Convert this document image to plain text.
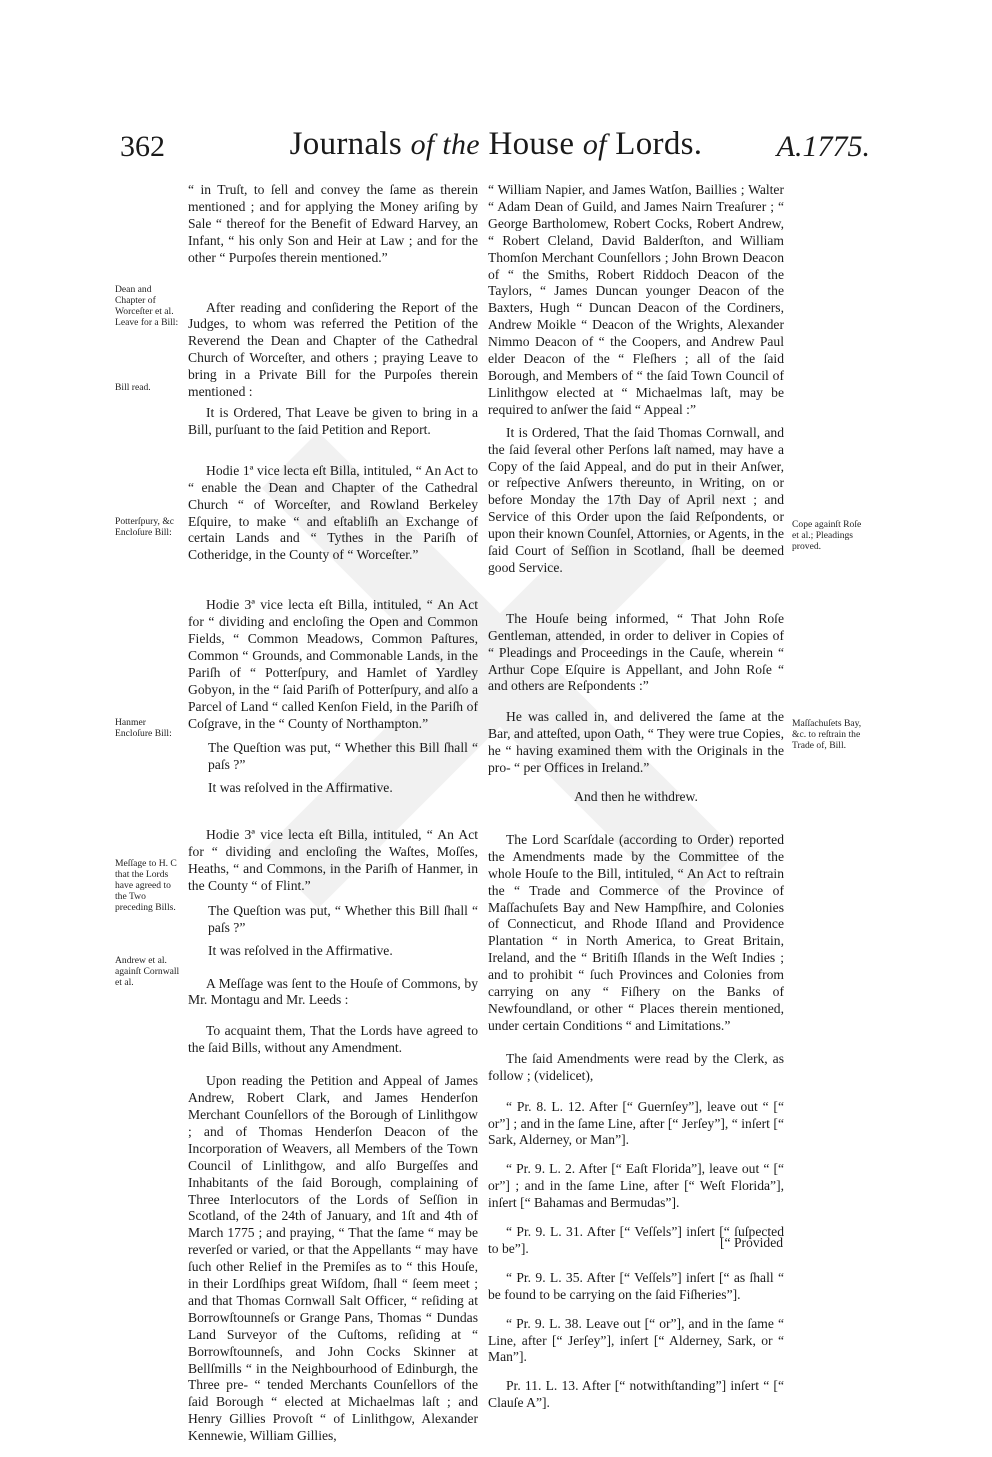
362	Journals of the House of Lords.	A.1775.

“ in Truſt, to ſell and convey the ſame as therein mentioned ; and for applying the Money ariſing by Sale “ thereof for the Benefit of Edward Harvey, an Infant, “ his only Son and Heir at Law ; and for the other “ Purpoſes therein mentioned.”

After reading and conſidering the Report of the Judges, to whom was referred the Petition of the Reverend the Dean and Chapter of the Cathedral Church of Worceſter, and others ; praying Leave to bring in a Private Bill for the Purpoſes therein mentioned :

It is Ordered, That Leave be given to bring in a Bill, purſuant to the ſaid Petition and Report.

Hodie 1ª vice lecta eſt Billa, intituled, “ An Act to “ enable the Dean and Chapter of the Cathedral Church “ of Worceſter, and Rowland Berkeley Eſquire, to make “ and eſtabliſh an Exchange of certain Lands and “ Tythes in the Pariſh of Cotheridge, in the County of “ Worceſter.”

Hodie 3ª vice lecta eſt Billa, intituled, “ An Act for “ dividing and encloſing the Open and Common Fields, “ Common Meadows, Common Paſtures, Common “ Grounds, and Commonable Lands, in the Pariſh of “ Potterſpury, and Hamlet of Yardley Gobyon, in the “ ſaid Pariſh of Potterſpury, and alſo a Parcel of Land “ called Kenſon Field, in the Pariſh of Coſgrave, in the “ County of Northampton.”

The Queſtion was put, “ Whether this Bill ſhall “ paſs ?”

It was reſolved in the Affirmative.

Hodie 3ª vice lecta eſt Billa, intituled, “ An Act for “ dividing and encloſing the Waſtes, Moſſes, Heaths, “ and Commons, in the Pariſh of Hanmer, in the County “ of Flint.”

The Queſtion was put, “ Whether this Bill ſhall “ paſs ?”

It was reſolved in the Affirmative.

A Meſſage was ſent to the Houſe of Commons, by Mr. Montagu and Mr. Leeds :

To acquaint them, That the Lords have agreed to the ſaid Bills, without any Amendment.

Upon reading the Petition and Appeal of James Andrew, Robert Clark, and James Henderſon Merchant Counſellors of the Borough of Linlithgow ; and of Thomas Henderſon Deacon of the Incorporation of Weavers, all Members of the Town Council of Linlithgow, and alſo Burgeſſes and Inhabitants of the ſaid Borough, complaining of Three Interlocutors of the Lords of Seſſion in Scotland, of the 24th of January, and 1ſt and 4th of March 1775 ; and praying, “ That the ſame “ may be reverſed or varied, or that the Appellants “ may have ſuch other Relief in the Premiſes as to “ this Houſe, in their Lordſhips great Wiſdom, ſhall “ ſeem meet ; and that Thomas Cornwall Salt Officer, “ reſiding at Borrowſtounneſs or Grange Pans, Thomas “ Dundas Land Surveyor of the Cuſtoms, reſiding at “ Borrowſtounneſs, and John Cocks Skinner at Bellſmills “ in the Neighbourhood of Edinburgh, the Three pre- “ tended Merchants Counſellors of the ſaid Borough “ elected at Michaelmas laſt ; and Henry Gillies Provoſt “ of Linlithgow, Alexander Kennewie, William Gillies,

“ William Napier, and James Watſon, Baillies ; Walter “ Adam Dean of Guild, and James Nairn Treaſurer ; “ George Bartholomew, Robert Cocks, Robert Andrew, “ Robert Cleland, David Balderſton, and William Thomſon Merchant Counſellors ; John Brown Deacon of “ the Smiths, Robert Riddoch Deacon of the Taylors, “ James Duncan younger Deacon of the Baxters, Hugh “ Duncan Deacon of the Cordiners, Andrew Moikle “ Deacon of the Wrights, Alexander Nimmo Deacon of “ the Coopers, and Andrew Paul elder Deacon of the “ Fleſhers ; all of the ſaid Borough, and Members of “ the ſaid Town Council of Linlithgow elected at “ Michaelmas laſt, may be required to anſwer the ſaid “ Appeal :”

It is Ordered, That the ſaid Thomas Cornwall, and the ſaid ſeveral other Perſons laſt named, may have a Copy of the ſaid Appeal, and do put in their Anſwer, or reſpective Anſwers thereunto, in Writing, on or before Monday the 17th Day of April next ; and Service of this Order upon the ſaid Reſpondents, or upon their known Counſel, Attornies, or Agents, in the ſaid Court of Seſſion in Scotland, ſhall be deemed good Service.

The Houſe being informed, “ That John Roſe Gentleman, attended, in order to deliver in Copies of “ Pleadings and Proceedings in the Cauſe, wherein “ Arthur Cope Eſquire is Appellant, and John Roſe “ and others are Reſpondents :”

He was called in, and delivered the ſame at the Bar, and atteſted, upon Oath, “ They were true Copies, he “ having examined them with the Originals in the pro- “ per Offices in Ireland.”

And then he withdrew.

The Lord Scarſdale (according to Order) reported the Amendments made by the Committee of the whole Houſe to the Bill, intituled, “ An Act to reſtrain the “ Trade and Commerce of the Province of Maſſachuſets Bay and New Hampſhire, and Colonies of Connecticut, and Rhode Iſland and Providence Plantation “ in North America, to Great Britain, Ireland, and the “ Britiſh Iſlands in the Weſt Indies ; and to prohibit “ ſuch Provinces and Colonies from carrying on any “ Fiſhery on the Banks of Newfoundland, or other “ Places therein mentioned, under certain Conditions “ and Limitations.”

The ſaid Amendments were read by the Clerk, as follow ; (videlicet),

“ Pr. 8. L. 12. After [“ Guernſey”], leave out “ [“ or”] ; and in the ſame Line, after [“ Jerſey”], “ inſert [“ Sark, Alderney, or Man”].

“ Pr. 9. L. 2. After [“ Eaſt Florida”], leave out “ [“ or”] ; and in the ſame Line, after [“ Weſt Florida”], inſert [“ Bahamas and Bermudas”].

“ Pr. 9. L. 31. After [“ Veſſels”] inſert [“ ſuſpected to be”].

“ Pr. 9. L. 35. After [“ Veſſels”] inſert [“ as ſhall “ be found to be carrying on the ſaid Fiſheries”].

“ Pr. 9. L. 38. Leave out [“ or”], and in the ſame “ Line, after [“ Jerſey”], inſert [“ Alderney, Sark, or “ Man”].

Pr. 11. L. 13. After [“ notwithſtanding”] inſert “ [“ Clauſe A”].

Dean and Chapter of Worceſter et al. Leave for a Bill:
Bill read.
Potterſpury, &c Encloſure Bill:
Hanmer Encloſure Bill:
Meſſage to H. C that the Lords have agreed to the Two preceding Bills.
Andrew et al. againſt Cornwall et al.
Cope againſt Roſe et al.; Pleadings proved.
Maſſachuſets Bay, &c. to reſtrain the Trade of, Bill.
[“ Provided
